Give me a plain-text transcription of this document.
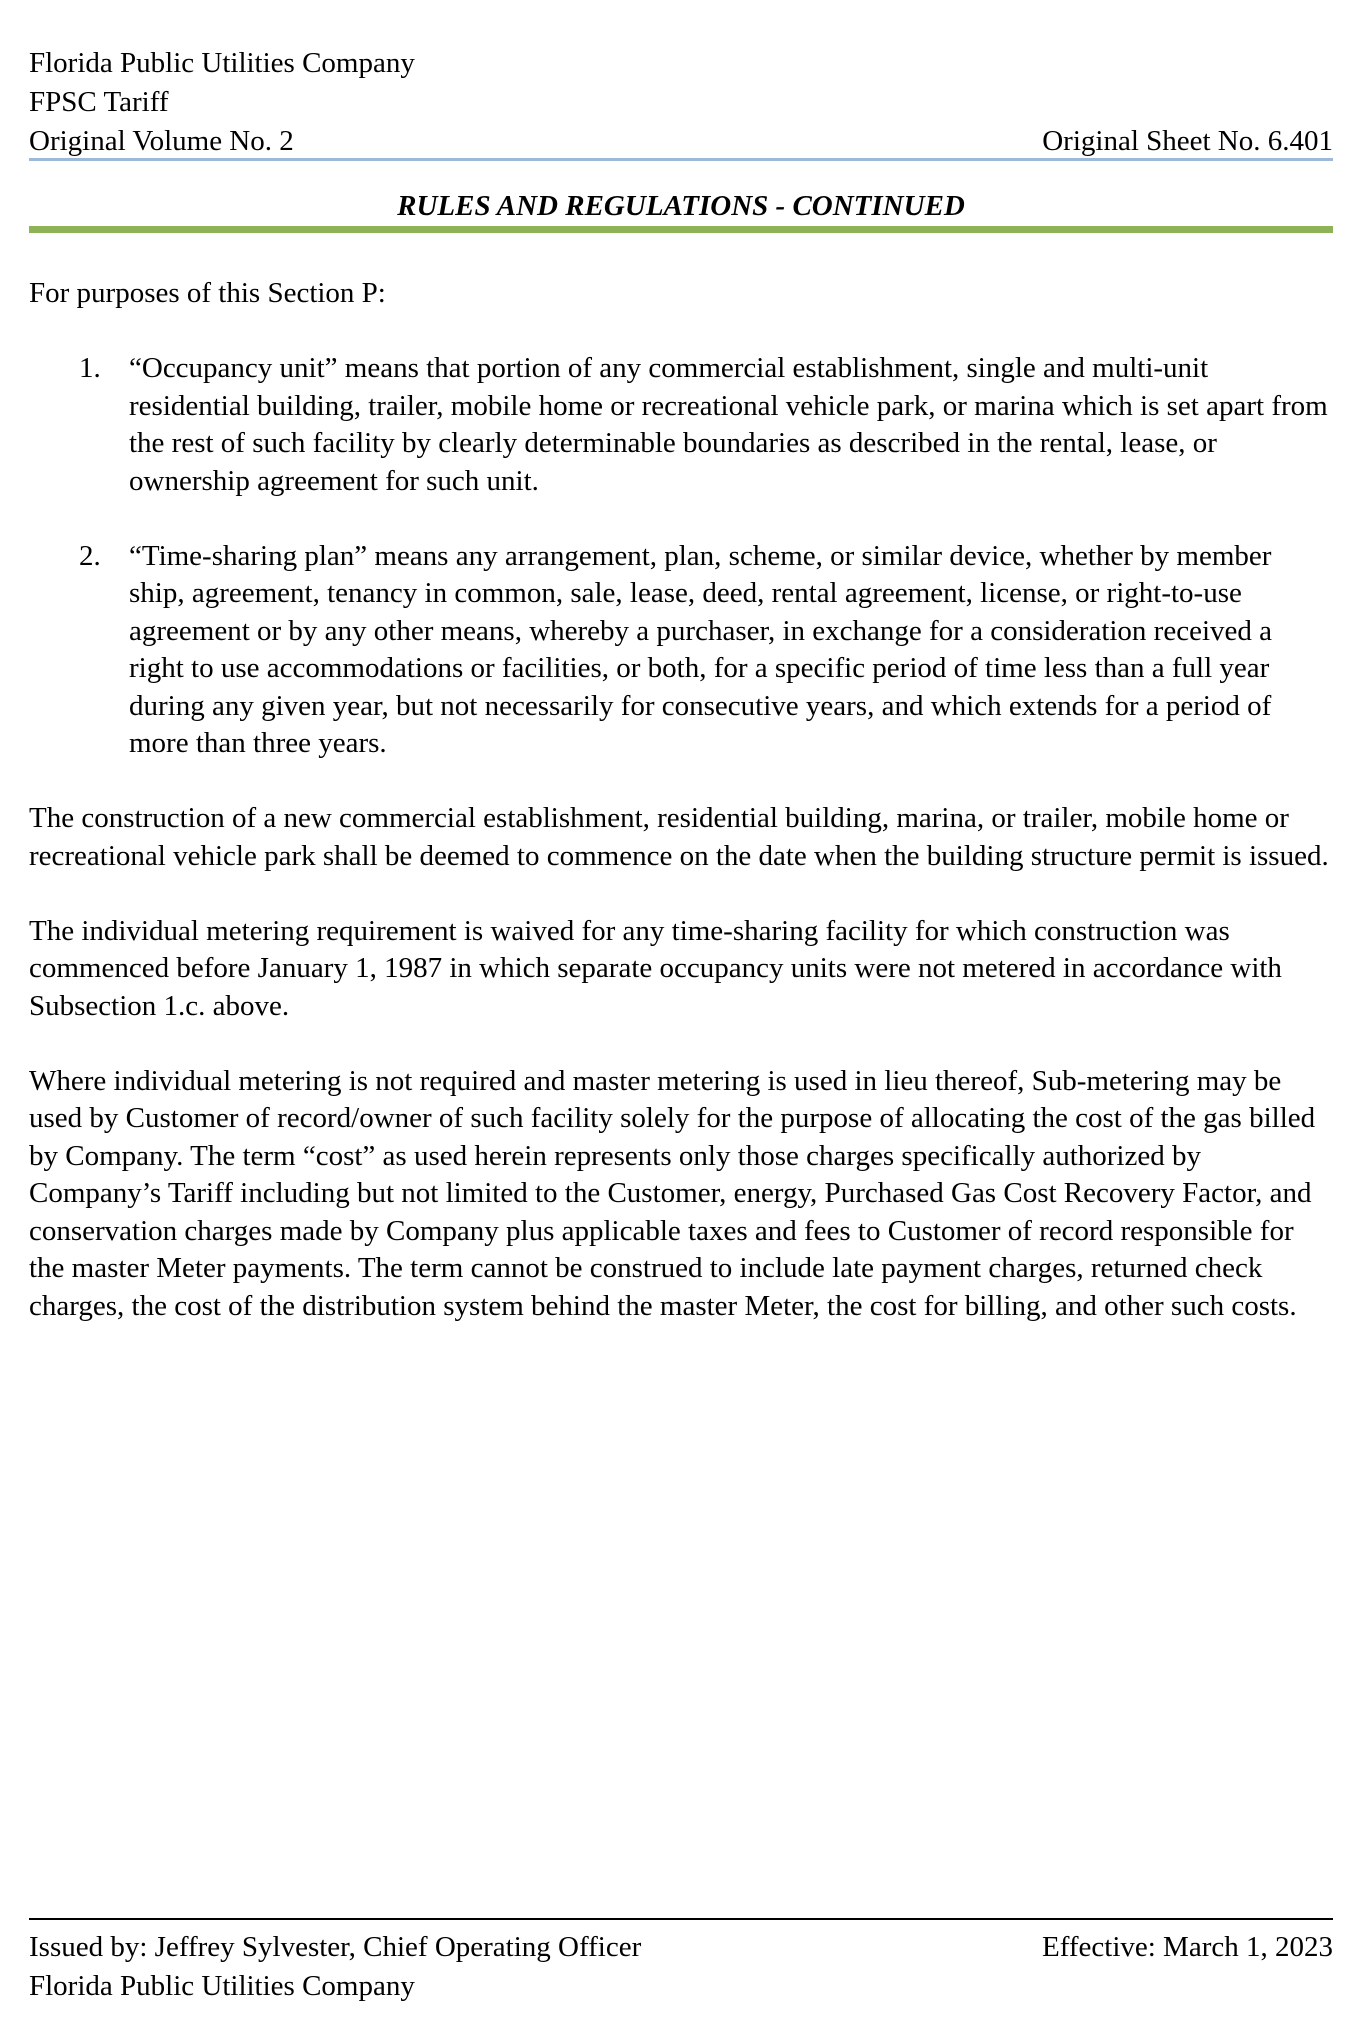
Florida Public Utilities Company
FPSC Tariff
Original Volume No. 2	Original Sheet No. 6.401
RULES AND REGULATIONS - CONTINUED

For purposes of this Section P:

1. “Occupancy unit” means that portion of any commercial establishment, single and multi-unit residential building, trailer, mobile home or recreational vehicle park, or marina which is set apart from the rest of such facility by clearly determinable boundaries as described in the rental, lease, or ownership agreement for such unit.
2. “Time-sharing plan” means any arrangement, plan, scheme, or similar device, whether by member ship, agreement, tenancy in common, sale, lease, deed, rental agreement, license, or right-to-use agreement or by any other means, whereby a purchaser, in exchange for a consideration received a right to use accommodations or facilities, or both, for a specific period of time less than a full year during any given year, but not necessarily for consecutive years, and which extends for a period of more than three years.

The construction of a new commercial establishment, residential building, marina, or trailer, mobile home or recreational vehicle park shall be deemed to commence on the date when the building structure permit is issued.

The individual metering requirement is waived for any time-sharing facility for which construction was commenced before January 1, 1987 in which separate occupancy units were not metered in accordance with Subsection 1.c. above.

Where individual metering is not required and master metering is used in lieu thereof, Sub-metering may be used by Customer of record/owner of such facility solely for the purpose of allocating the cost of the gas billed by Company. The term “cost” as used herein represents only those charges specifically authorized by Company’s Tariff including but not limited to the Customer, energy, Purchased Gas Cost Recovery Factor, and conservation charges made by Company plus applicable taxes and fees to Customer of record responsible for the master Meter payments. The term cannot be construed to include late payment charges, returned check charges, the cost of the distribution system behind the master Meter, the cost for billing, and other such costs.

Issued by: Jeffrey Sylvester, Chief Operating Officer	Effective: March 1, 2023
Florida Public Utilities Company
